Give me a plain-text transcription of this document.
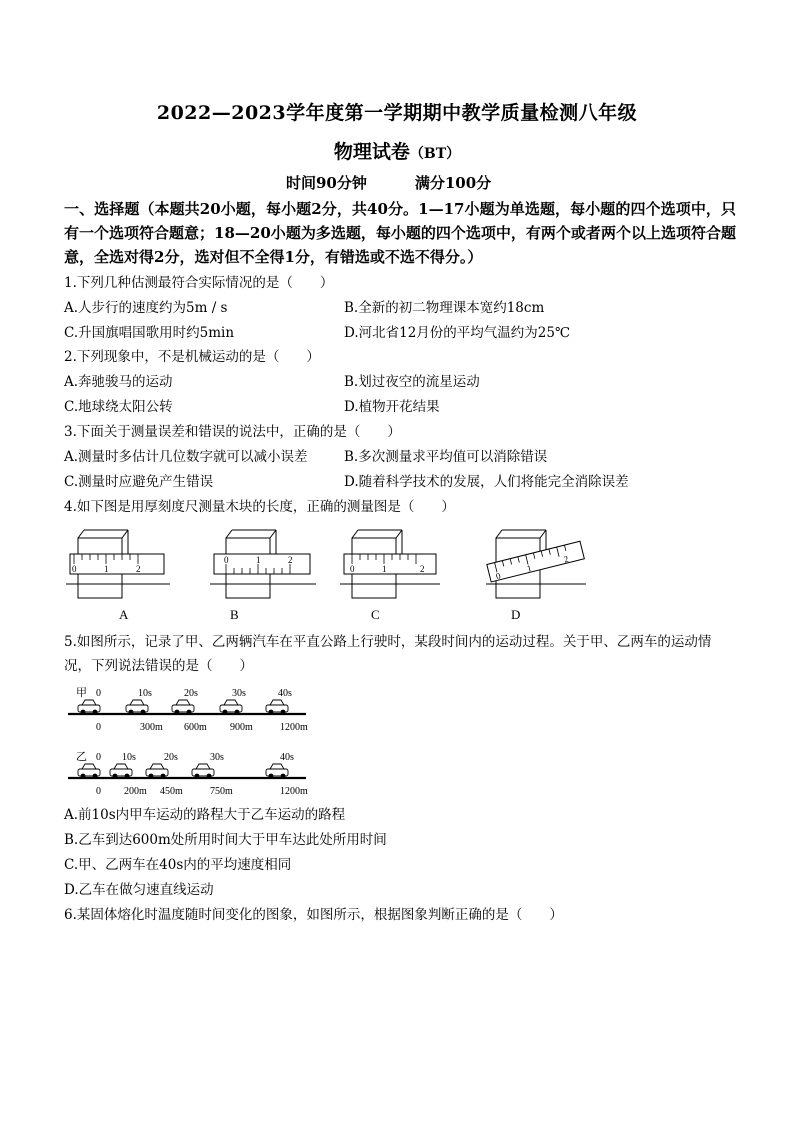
2022—2023学年度第一学期期中教学质量检测八年级
物理试卷（BT）
时间90分钟	满分100分
一、选择题（本题共20小题，每小题2分，共40分。1—17小题为单选题，每小题的四个选项中，只有一个选项符合题意；18—20小题为多选题，每小题的四个选项中，有两个或者两个以上选项符合题意，全选对得2分，选对但不全得1分，有错选或不选不得分。）
1.下列几种估测最符合实际情况的是（　　）
A.人步行的速度约为5m / s	B.全新的初二物理课本宽约18cm
C.升国旗唱国歌用时约5min	D.河北省12月份的平均气温约为25℃
2.下列现象中，不是机械运动的是（　　）
A.奔驰骏马的运动	B.划过夜空的流星运动
C.地球绕太阳公转	D.植物开花结果
3.下面关于测量误差和错误的说法中，正确的是（　　）
A.测量时多估计几位数字就可以减小误差	B.多次测量求平均值可以消除错误
C.测量时应避免产生错误	D.随着科学技术的发展，人们将能完全消除误差
4.如下图是用厚刻度尺测量木块的长度，正确的测量图是（　　）
0	1	2
0	1	2
0	1	2
0
1
2
A	B	C	D
5.如图所示，记录了甲、乙两辆汽车在平直公路上行驶时，某段时间内的运动过程。关于甲、乙两车的运动情
况，下列说法错误的是（　　）
甲 0	10s	20s	30s	40s
0	300m 600m 900m	1200m
乙 0 10s	20s	30s	40s
0 200m 450m	750m	1200m
A.前10s内甲车运动的路程大于乙车运动的路程
B.乙车到达600m处所用时间大于甲车达此处所用时间
C.甲、乙两车在40s内的平均速度相同
D.乙车在做匀速直线运动
6.某固体熔化时温度随时间变化的图象，如图所示，根据图象判断正确的是（　　）
